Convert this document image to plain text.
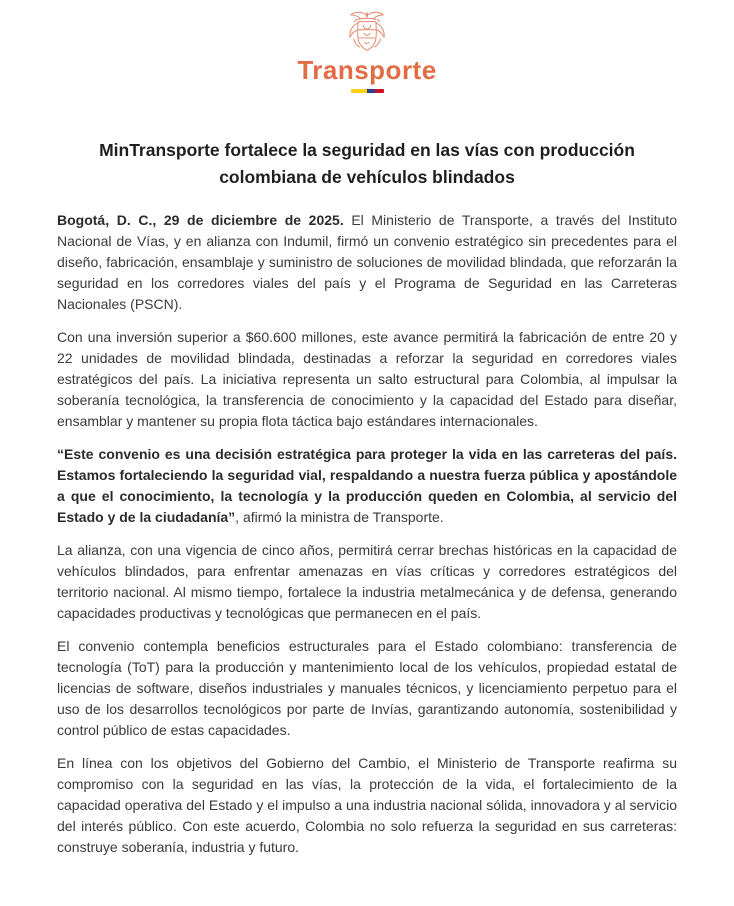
Transporte
MinTransporte fortalece la seguridad en las vías con producción colombiana de vehículos blindados

Bogotá, D. C., 29 de diciembre de 2025. El Ministerio de Transporte, a través del Instituto Nacional de Vías, y en alianza con Indumil, firmó un convenio estratégico sin precedentes para el diseño, fabricación, ensamblaje y suministro de soluciones de movilidad blindada, que reforzarán la seguridad en los corredores viales del país y el Programa de Seguridad en las Carreteras Nacionales (PSCN).

Con una inversión superior a $60.600 millones, este avance permitirá la fabricación de entre 20 y 22 unidades de movilidad blindada, destinadas a reforzar la seguridad en corredores viales estratégicos del país. La iniciativa representa un salto estructural para Colombia, al impulsar la soberanía tecnológica, la transferencia de conocimiento y la capacidad del Estado para diseñar, ensamblar y mantener su propia flota táctica bajo estándares internacionales.

“Este convenio es una decisión estratégica para proteger la vida en las carreteras del país. Estamos fortaleciendo la seguridad vial, respaldando a nuestra fuerza pública y apostándole a que el conocimiento, la tecnología y la producción queden en Colombia, al servicio del Estado y de la ciudadanía”, afirmó la ministra de Transporte.

La alianza, con una vigencia de cinco años, permitirá cerrar brechas históricas en la capacidad de vehículos blindados, para enfrentar amenazas en vías críticas y corredores estratégicos del territorio nacional. Al mismo tiempo, fortalece la industria metalmecánica y de defensa, generando capacidades productivas y tecnológicas que permanecen en el país.

El convenio contempla beneficios estructurales para el Estado colombiano: transferencia de tecnología (ToT) para la producción y mantenimiento local de los vehículos, propiedad estatal de licencias de software, diseños industriales y manuales técnicos, y licenciamiento perpetuo para el uso de los desarrollos tecnológicos por parte de Invías, garantizando autonomía, sostenibilidad y control público de estas capacidades.

En línea con los objetivos del Gobierno del Cambio, el Ministerio de Transporte reafirma su compromiso con la seguridad en las vías, la protección de la vida, el fortalecimiento de la capacidad operativa del Estado y el impulso a una industria nacional sólida, innovadora y al servicio del interés público. Con este acuerdo, Colombia no solo refuerza la seguridad en sus carreteras: construye soberanía, industria y futuro.
